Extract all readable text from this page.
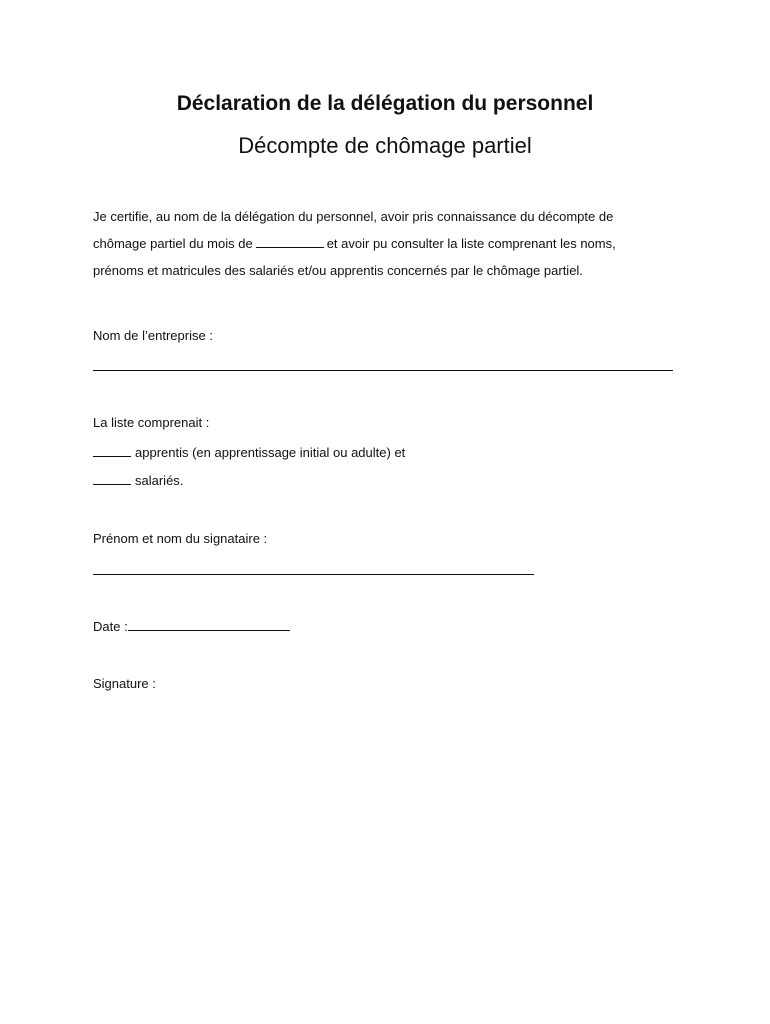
Déclaration de la délégation du personnel
Décompte de chômage partiel
Je certifie, au nom de la délégation du personnel, avoir pris connaissance du décompte de
chômage partiel du mois de	et avoir pu consulter la liste comprenant les noms,
prénoms et matricules des salariés et/ou apprentis concernés par le chômage partiel.
Nom de l’entreprise :
La liste comprenait :
apprentis (en apprentissage initial ou adulte) et
salariés.
Prénom et nom du signataire :
Date :
Signature :
